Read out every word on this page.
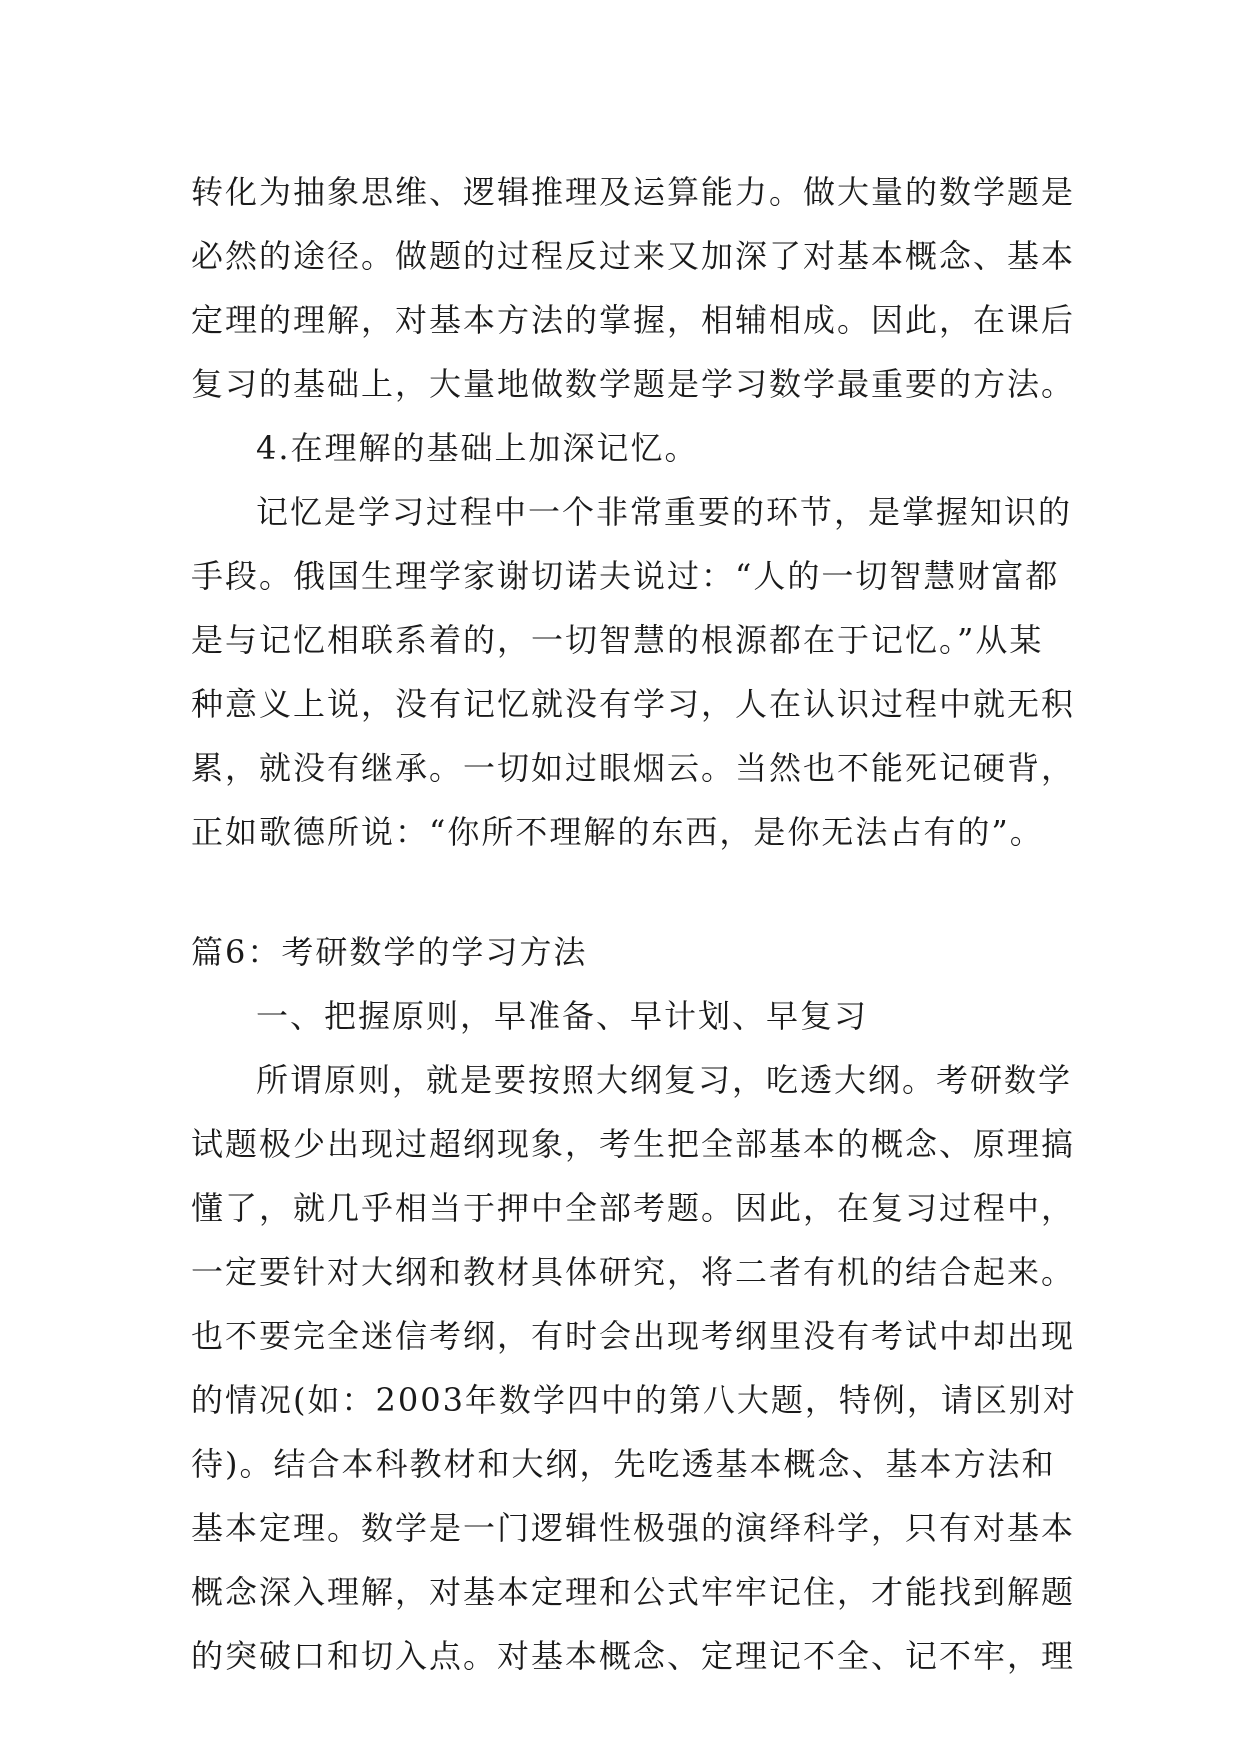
转化为抽象思维、逻辑推理及运算能力。做大量的数学题是
必然的途径。做题的过程反过来又加深了对基本概念、基本
定理的理解，对基本方法的掌握，相辅相成。因此，在课后
复习的基础上，大量地做数学题是学习数学最重要的方法。
4.在理解的基础上加深记忆。
记忆是学习过程中一个非常重要的环节，是掌握知识的
手段。俄国生理学家谢切诺夫说过：“人的一切智慧财富都
是与记忆相联系着的，一切智慧的根源都在于记忆。”从某
种意义上说，没有记忆就没有学习，人在认识过程中就无积
累，就没有继承。一切如过眼烟云。当然也不能死记硬背，
正如歌德所说：“你所不理解的东西，是你无法占有的”。
篇6：考研数学的学习方法
一、把握原则，早准备、早计划、早复习
所谓原则，就是要按照大纲复习，吃透大纲。考研数学
试题极少出现过超纲现象，考生把全部基本的概念、原理搞
懂了，就几乎相当于押中全部考题。因此，在复习过程中，
一定要针对大纲和教材具体研究，将二者有机的结合起来。
也不要完全迷信考纲，有时会出现考纲里没有考试中却出现
的情况(如：2003年数学四中的第八大题，特例，请区别对
待)。结合本科教材和大纲，先吃透基本概念、基本方法和
基本定理。数学是一门逻辑性极强的演绎科学，只有对基本
概念深入理解，对基本定理和公式牢牢记住，才能找到解题
的突破口和切入点。对基本概念、定理记不全、记不牢，理
